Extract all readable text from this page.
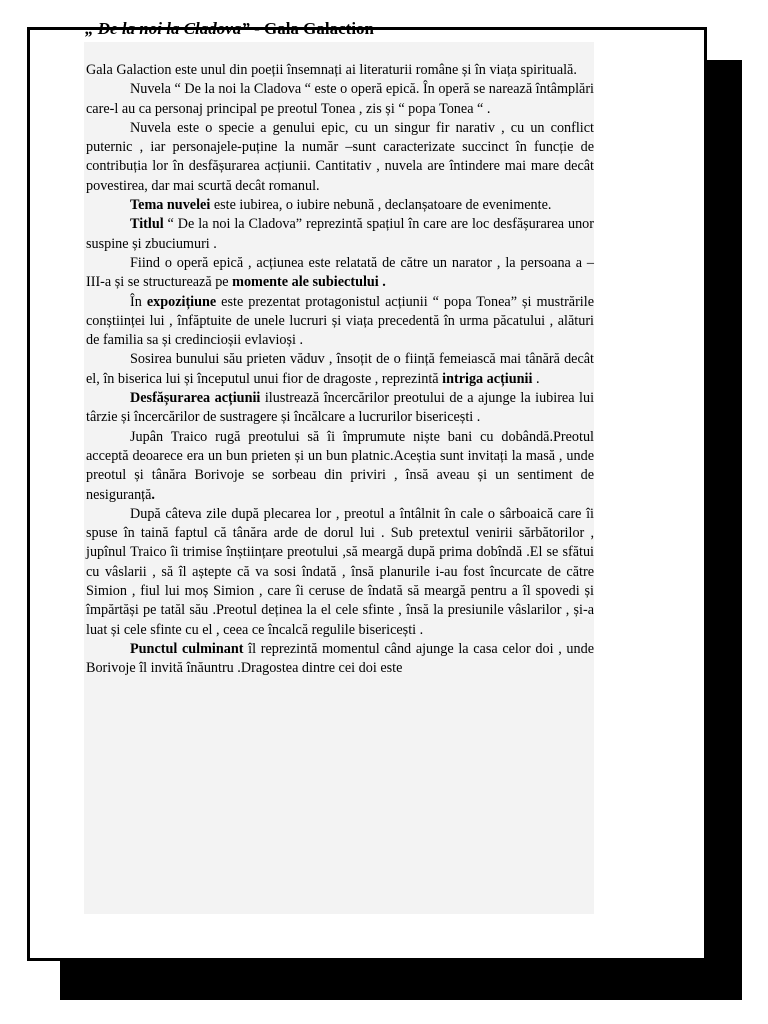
„ De la noi la Cladova” - Gala Galaction

Gala Galaction este unul din poeții însemnați ai literaturii române și în viața spirituală.

Nuvela “ De la noi la Cladova “ este o operă epică. În operă se narează întâmplări care-l au ca personaj principal pe preotul Tonea , zis și “ popa Tonea “ .

Nuvela este o specie a genului epic, cu un singur fir narativ , cu un conflict puternic , iar personajele-puține la număr –sunt caracterizate succinct în funcție de contribuția lor în desfășurarea acțiunii. Cantitativ , nuvela are întindere mai mare decât povestirea, dar mai scurtă decât romanul.

Tema nuvelei este iubirea, o iubire nebună , declanșatoare de evenimente.

Titlul “ De la noi la Cladova” reprezintă spațiul în care are loc desfășurarea unor suspine și zbuciumuri .

Fiind o operă epică , acțiunea este relatată de către un narator , la persoana a – III-a și se structurează pe momente ale subiectului .

În expozițiune este prezentat protagonistul acțiunii “ popa Tonea” și mustrările conștiinței lui , înfăptuite de unele lucruri și viața precedentă în urma păcatului , alături de familia sa și credincioșii evlavioși .

Sosirea bunului său prieten văduv , însoțit de o ființă femeiască mai tânără decât el, în biserica lui și începutul unui fior de dragoste , reprezintă intriga acțiunii .

Desfășurarea acțiunii ilustrează încercărilor preotului de a ajunge la iubirea lui târzie și încercărilor de sustragere și încălcare a lucrurilor bisericești .

Jupân Traico rugă preotului să îi împrumute niște bani cu dobândă.Preotul acceptă deoarece era un bun prieten și un bun platnic.Aceștia sunt invitați la masă , unde preotul și tânăra Borivoje se sorbeau din priviri , însă aveau și un sentiment de nesiguranță.

După câteva zile după plecarea lor , preotul a întâlnit în cale o sârboaică care îi spuse în taină faptul că tânăra arde de dorul lui . Sub pretextul venirii sărbătorilor , jupînul Traico îi trimise înștiințare preotului ,să meargă după prima dobîndă .El se sfătui cu vâslarii , să îl aștepte că va sosi îndată , însă planurile i-au fost încurcate de către Simion , fiul lui moș Simion , care îi ceruse de îndată să meargă pentru a îl spovedi și împărtăși pe tatăl său .Preotul deținea la el cele sfinte , însă la presiunile vâslarilor , și-a luat și cele sfinte cu el , ceea ce încalcă regulile bisericești .

Punctul culminant îl reprezintă momentul când ajunge la casa celor doi , unde Borivoje îl invită înăuntru .Dragostea dintre cei doi este
